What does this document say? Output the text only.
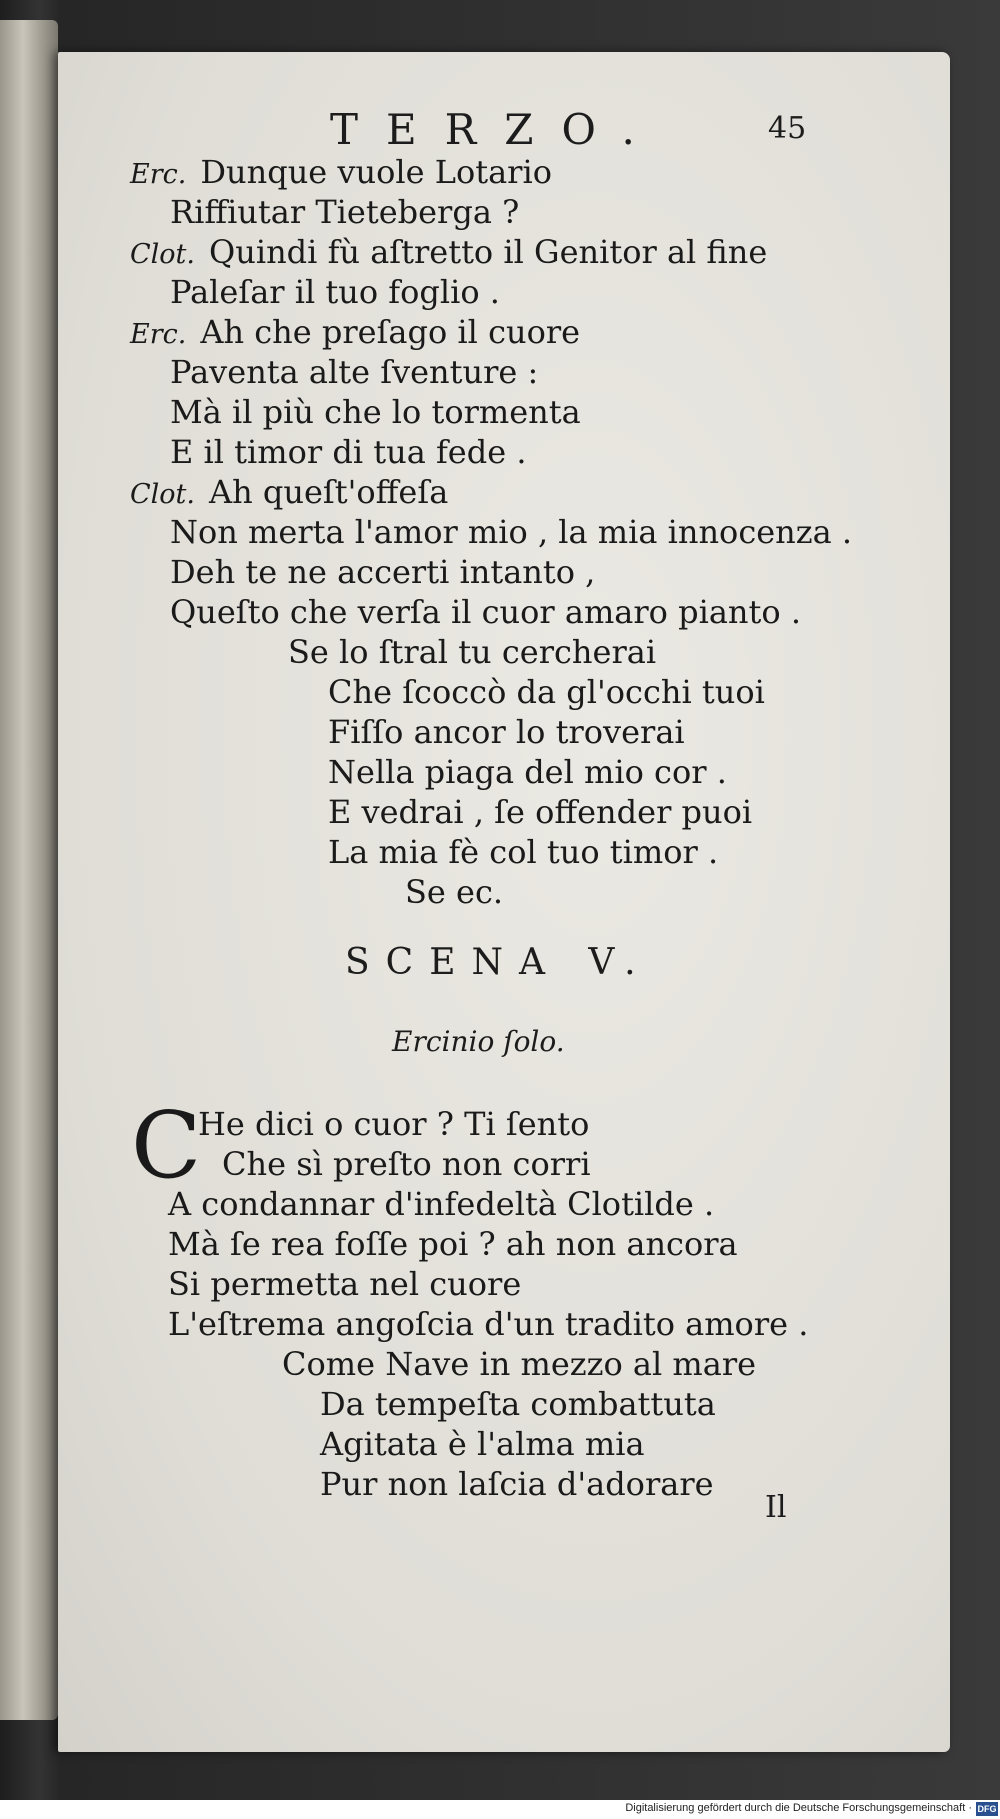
TERZO.	45
Erc. Dunque vuole Lotario
Riffiutar Tieteberga ?
Clot. Quindi fù aſtretto il Genitor al fine
Paleſar il tuo foglio .
Erc. Ah che preſago il cuore
Paventa alte ſventure :
Mà il più che lo tormenta
E il timor di tua fede .
Clot. Ah queſt'offeſa
Non merta l'amor mio , la mia innocenza .
Deh te ne accerti intanto ,
Queſto che verſa il cuor amaro pianto .
Se lo ſtral tu cercherai
Che ſcoccò da gl'occhi tuoi
Fiſſo ancor lo troverai
Nella piaga del mio cor .
E vedrai , ſe offender puoi
La mia fè col tuo timor .
Se ec.
SCENA V.
Ercinio ſolo.
C
He dici o cuor ? Ti ſento
Che sì preſto non corri
A condannar d'infedeltà Clotilde .
Mà ſe rea foſſe poi ? ah non ancora
Si permetta nel cuore
L'eſtrema angoſcia d'un tradito amore .
Come Nave in mezzo al mare
Da tempeſta combattuta
Agitata è l'alma mia
Pur non laſcia d'adorare
Il
Digitalisierung gefördert durch die Deutsche Forschungsgemeinschaft · DFG
